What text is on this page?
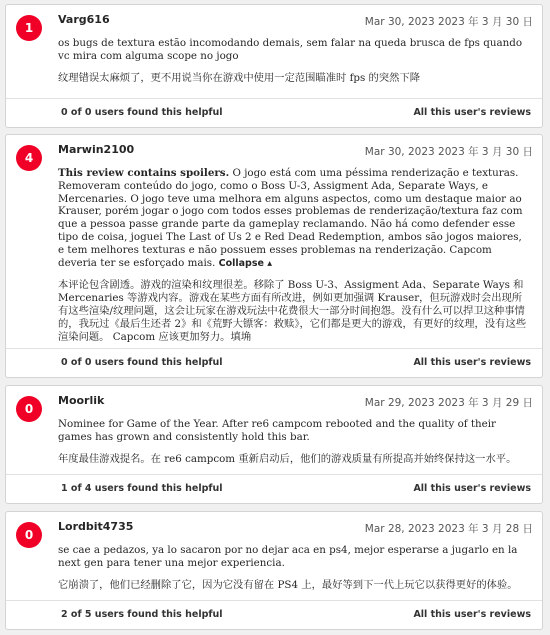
1
Varg616	Mar 30, 2023 2023 年 3 月 30 日

os bugs de textura estão incomodando demais, sem falar na queda brusca de fps quando vc mira com alguma scope no jogo

纹理错误太麻烦了，更不用说当你在游戏中使用一定范围瞄准时 fps 的突然下降

0 of 0 users found this helpful	All this user's reviews
4
Marwin2100	Mar 30, 2023 2023 年 3 月 30 日

This review contains spoilers. O jogo está com uma péssima renderização e texturas. Removeram conteúdo do jogo, como o Boss U-3, Assigment Ada, Separate Ways, e Mercenaries. O jogo teve uma melhora em alguns aspectos, como um destaque maior ao Krauser, porém jogar o jogo com todos esses problemas de renderização/textura faz com que a pessoa passe grande parte da gameplay reclamando. Não há como defender esse tipo de coisa, joguei The Last of Us 2 e Red Dead Redemption, ambos são jogos maiores, e tem melhores texturas e não possuem esses problemas na renderização. Capcom deveria ter se esforçado mais. Collapse ▴

本评论包含剧透。游戏的渲染和纹理很差。移除了 Boss U-3、Assigment Ada、Separate Ways 和 Mercenaries 等游戏内容。游戏在某些方面有所改进，例如更加强调 Krauser，但玩游戏时会出现所有这些渲染/纹理问题，这会让玩家在游戏玩法中花费很大一部分时间抱怨。没有什么可以捍卫这种事情的，我玩过《最后生还者 2》和《荒野大镖客：救赎》，它们都是更大的游戏，有更好的纹理，没有这些渲染问题。 Capcom 应该更加努力。填埆

0 of 0 users found this helpful	All this user's reviews
0
Moorlik	Mar 29, 2023 2023 年 3 月 29 日

Nominee for Game of the Year. After re6 campcom rebooted and the quality of their games has grown and consistently hold this bar.

年度最佳游戏提名。在 re6 campcom 重新启动后，他们的游戏质量有所提高并始终保持这一水平。

1 of 4 users found this helpful	All this user's reviews
0
Lordbit4735	Mar 28, 2023 2023 年 3 月 28 日

se cae a pedazos, ya lo sacaron por no dejar aca en ps4, mejor esperarse a jugarlo en la next gen para tener una mejor experiencia.

它崩溃了，他们已经删除了它，因为它没有留在 PS4 上，最好等到下一代上玩它以获得更好的体验。

2 of 5 users found this helpful	All this user's reviews
